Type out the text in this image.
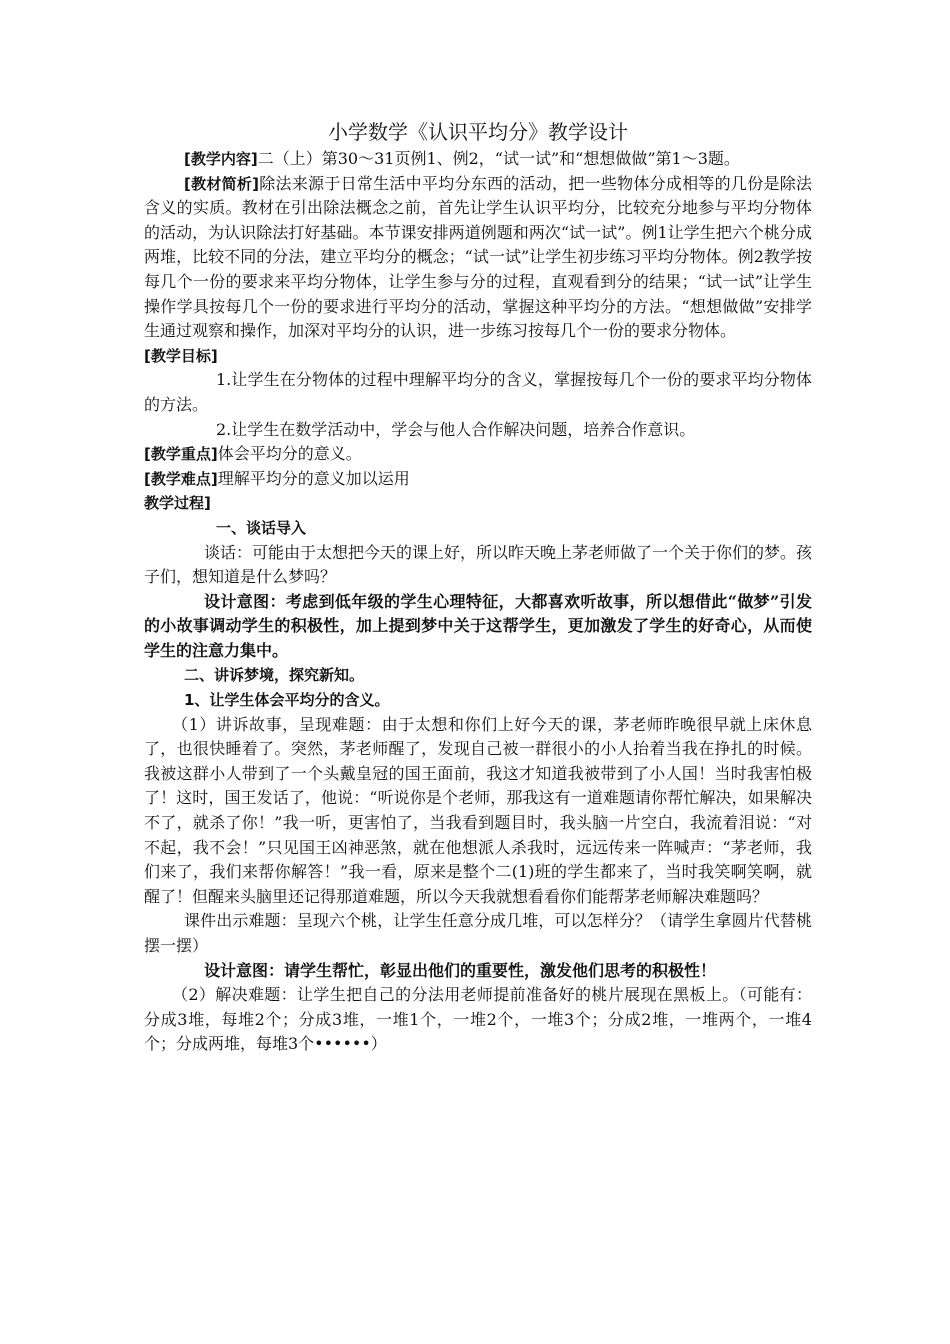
小学数学《认识平均分》教学设计

[教学内容]二（上）第30～31页例1、例2，“试一试”和“想想做做”第1～3题。

[教材简析]除法来源于日常生活中平均分东西的活动，把一些物体分成相等的几份是除法含义的实质。教材在引出除法概念之前，首先让学生认识平均分，比较充分地参与平均分物体的活动，为认识除法打好基础。本节课安排两道例题和两次“试一试”。例1让学生把六个桃分成两堆，比较不同的分法，建立平均分的概念；“试一试”让学生初步练习平均分物体。例2教学按每几个一份的要求来平均分物体，让学生参与分的过程，直观看到分的结果；“试一试”让学生操作学具按每几个一份的要求进行平均分的活动，掌握这种平均分的方法。“想想做做”安排学生通过观察和操作，加深对平均分的认识，进一步练习按每几个一份的要求分物体。

[教学目标]

1.让学生在分物体的过程中理解平均分的含义，掌握按每几个一份的要求平均分物体的方法。

2.让学生在数学活动中，学会与他人合作解决问题，培养合作意识。

[教学重点]体会平均分的意义。

[教学难点]理解平均分的意义加以运用

教学过程]

一、谈话导入

谈话：可能由于太想把今天的课上好，所以昨天晚上茅老师做了一个关于你们的梦。孩子们，想知道是什么梦吗？

设计意图：考虑到低年级的学生心理特征，大都喜欢听故事，所以想借此“做梦”引发的小故事调动学生的积极性，加上提到梦中关于这帮学生，更加激发了学生的好奇心，从而使学生的注意力集中。

二、讲诉梦境，探究新知。

1、让学生体会平均分的含义。

（1）讲诉故事，呈现难题：由于太想和你们上好今天的课，茅老师昨晚很早就上床休息了，也很快睡着了。突然，茅老师醒了，发现自己被一群很小的小人抬着当我在挣扎的时候。我被这群小人带到了一个头戴皇冠的国王面前，我这才知道我被带到了小人国！当时我害怕极了！这时，国王发话了，他说：“听说你是个老师，那我这有一道难题请你帮忙解决，如果解决不了，就杀了你！”我一听，更害怕了，当我看到题目时，我头脑一片空白，我流着泪说：“对不起，我不会！”只见国王凶神恶煞，就在他想派人杀我时，远远传来一阵喊声：“茅老师，我们来了，我们来帮你解答！”我一看，原来是整个二(1)班的学生都来了，当时我笑啊笑啊，就醒了！但醒来头脑里还记得那道难题，所以今天我就想看看你们能帮茅老师解决难题吗？

课件出示难题：呈现六个桃，让学生任意分成几堆，可以怎样分？（请学生拿圆片代替桃摆一摆）

设计意图：请学生帮忙，彰显出他们的重要性，激发他们思考的积极性！

（2）解决难题：让学生把自己的分法用老师提前准备好的桃片展现在黑板上。（可能有：分成3堆，每堆2个；分成3堆，一堆1个，一堆2个，一堆3个；分成2堆，一堆两个，一堆4个；分成两堆，每堆3个••••••）
